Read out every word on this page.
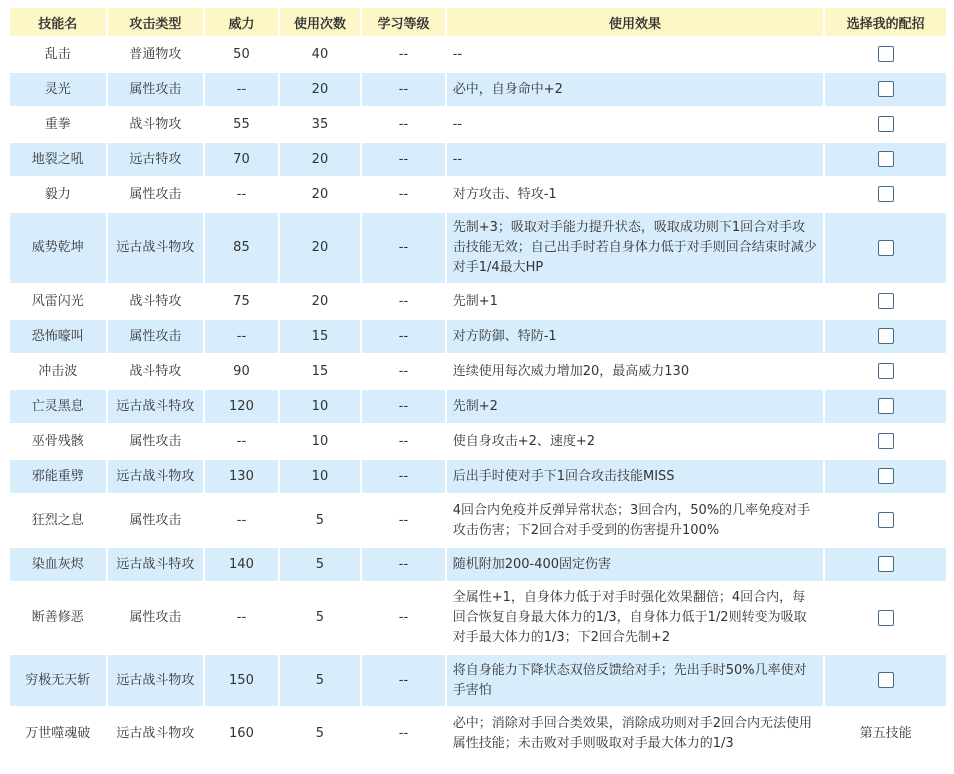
技能名	攻击类型	威力	使用次数	学习等级	使用效果	选择我的配招
乱击	普通物攻	50	40	--	--	
灵光	属性攻击	--	20	--	必中，自身命中+2	
重拳	战斗物攻	55	35	--	--	
地裂之吼	远古特攻	70	20	--	--	
毅力	属性攻击	--	20	--	对方攻击、特攻-1	
威势乾坤	远古战斗物攻	85	20	--	先制+3；吸取对手能力提升状态，吸取成功则下1回合对手攻击技能无效；自己出手时若自身体力低于对手则回合结束时减少对手1/4最大HP	
风雷闪光	战斗特攻	75	20	--	先制+1	
恐怖嚎叫	属性攻击	--	15	--	对方防御、特防-1	
冲击波	战斗特攻	90	15	--	连续使用每次威力增加20，最高威力130	
亡灵黑息	远古战斗特攻	120	10	--	先制+2	
巫骨残骸	属性攻击	--	10	--	使自身攻击+2、速度+2	
邪能重劈	远古战斗物攻	130	10	--	后出手时使对手下1回合攻击技能MISS	
狂烈之息	属性攻击	--	5	--	4回合内免疫并反弹异常状态；3回合内，50%的几率免疫对手攻击伤害；下2回合对手受到的伤害提升100%	
染血灰烬	远古战斗特攻	140	5	--	随机附加200-400固定伤害	
断善修恶	属性攻击	--	5	--	全属性+1，自身体力低于对手时强化效果翻倍；4回合内，每回合恢复自身最大体力的1/3，自身体力低于1/2则转变为吸取对手最大体力的1/3；下2回合先制+2	
穷极无天斩	远古战斗物攻	150	5	--	将自身能力下降状态双倍反馈给对手；先出手时50%几率使对手害怕	
万世噬魂破	远古战斗物攻	160	5	--	必中；消除对手回合类效果，消除成功则对手2回合内无法使用属性技能；未击败对手则吸取对手最大体力的1/3	第五技能
